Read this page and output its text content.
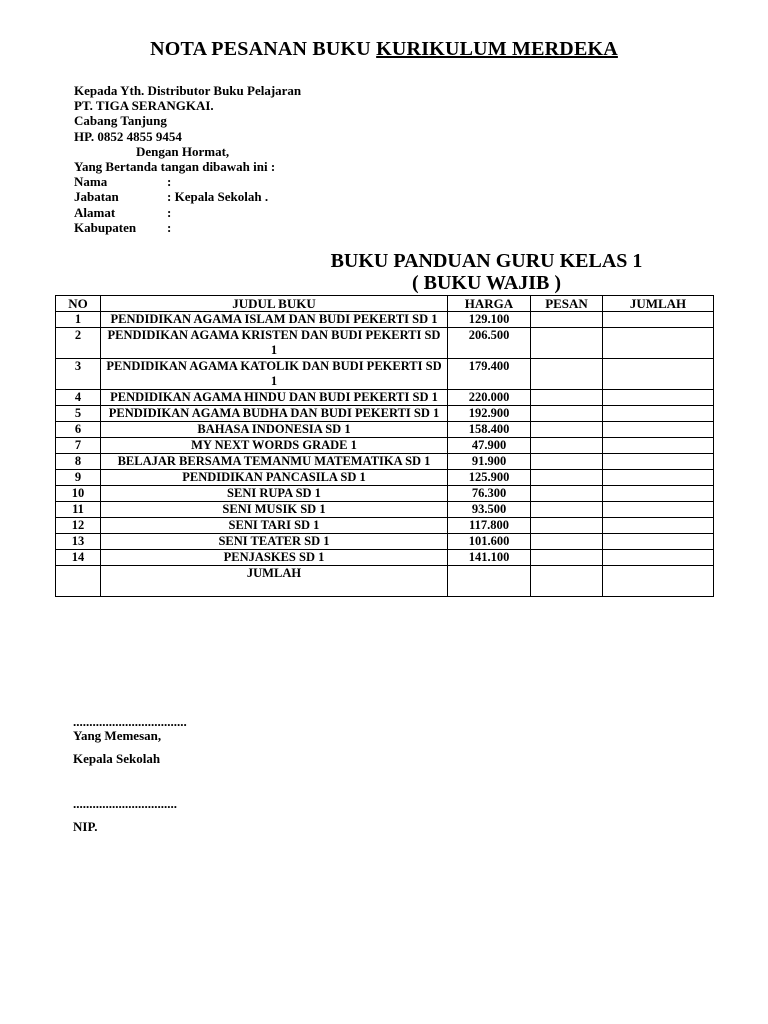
NOTA PESANAN BUKU KURIKULUM MERDEKA
Kepada Yth. Distributor Buku Pelajaran
PT. TIGA SERANGKAI.
Cabang Tanjung
HP. 0852 4855 9454
Dengan Hormat,
Yang Bertanda tangan dibawah ini :
Nama	:
Jabatan	: Kepala Sekolah .
Alamat	:
Kabupaten :
BUKU PANDUAN GURU KELAS 1
( BUKU WAJIB )
NO	JUDUL BUKU	HARGA	PESAN	JUMLAH
1	PENDIDIKAN AGAMA ISLAM DAN BUDI PEKERTI SD 1	129.100		
2	PENDIDIKAN AGAMA KRISTEN DAN BUDI PEKERTI SD 1	206.500		
3	PENDIDIKAN AGAMA KATOLIK DAN BUDI PEKERTI SD 1	179.400		
4	PENDIDIKAN AGAMA HINDU DAN BUDI PEKERTI SD 1	220.000		
5	PENDIDIKAN AGAMA BUDHA DAN BUDI PEKERTI SD 1	192.900		
6	BAHASA INDONESIA SD 1	158.400		
7	MY NEXT WORDS GRADE 1	47.900		
8	BELAJAR BERSAMA TEMANMU MATEMATIKA SD 1	91.900		
9	PENDIDIKAN PANCASILA SD 1	125.900		
10	SENI RUPA SD 1	76.300		
11	SENI MUSIK SD 1	93.500		
12	SENI TARI SD 1	117.800		
13	SENI TEATER SD 1	101.600		
14	PENJASKES SD 1	141.100		
	JUMLAH			
...................................
Yang Memesan,
Kepala Sekolah
................................
NIP.
